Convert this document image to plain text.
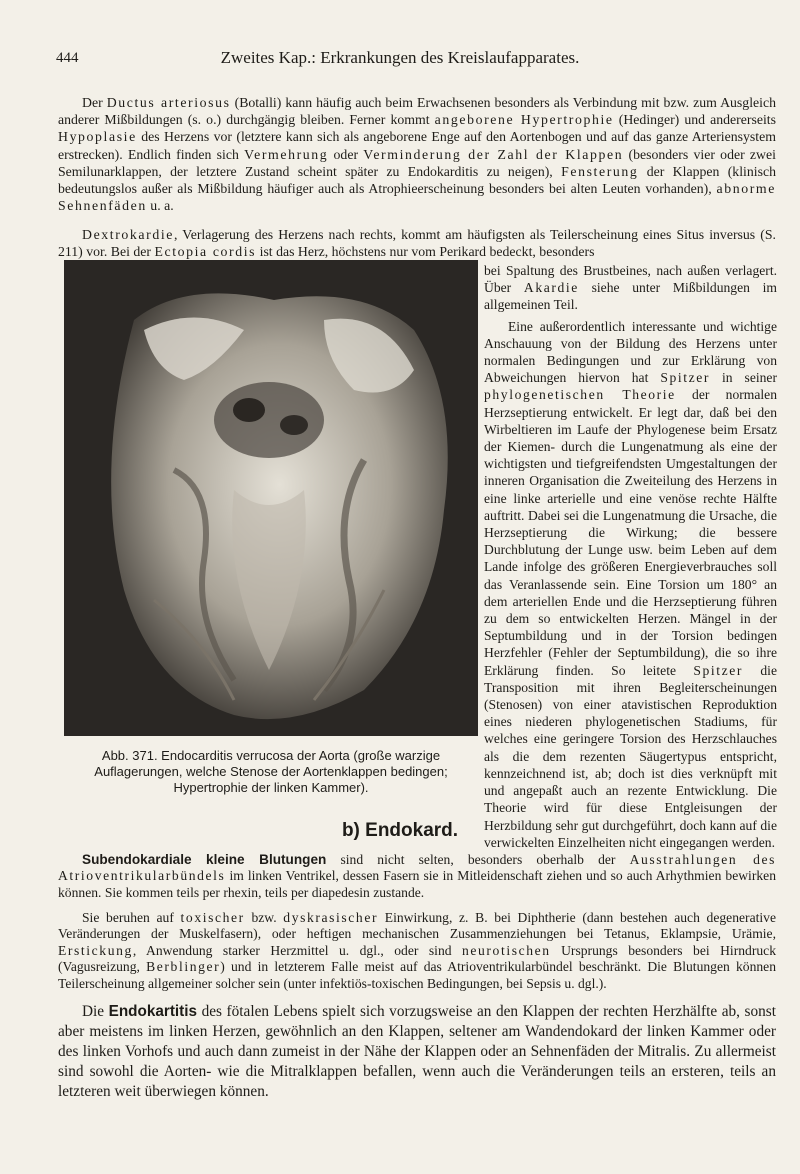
444	Zweites Kap.: Erkrankungen des Kreislaufapparates.
Der Ductus arteriosus (Botalli) kann häufig auch beim Erwachsenen besonders als Verbindung mit bzw. zum Ausgleich anderer Mißbildungen (s. o.) durchgängig bleiben. Ferner kommt angeborene Hypertrophie (Hedinger) und andererseits Hypoplasie des Herzens vor (letztere kann sich als angeborene Enge auf den Aortenbogen und auf das ganze Arteriensystem erstrecken). Endlich finden sich Vermehrung oder Verminderung der Zahl der Klappen (besonders vier oder zwei Semilunarklappen, der letztere Zustand scheint später zu Endokarditis zu neigen), Fensterung der Klappen (klinisch bedeutungslos außer als Mißbildung häufiger auch als Atrophieerscheinung besonders bei alten Leuten vorhanden), abnorme Sehnenfäden u. a.
Dextrokardie, Verlagerung des Herzens nach rechts, kommt am häufigsten als Teilerscheinung eines Situs inversus (S. 211) vor. Bei der Ectopia cordis ist das Herz, höchstens nur vom Perikard bedeckt, besonders
Abb. 371. Endocarditis verrucosa der Aorta (große warzige Auflagerungen, welche Stenose der Aortenklappen bedingen; Hypertrophie der linken Kammer).

bei Spaltung des Brustbeines, nach außen verlagert. Über Akardie siehe unter Mißbildungen im allgemeinen Teil.

Eine außerordentlich interessante und wichtige Anschauung von der Bildung des Herzens unter normalen Bedingungen und zur Erklärung von Abweichungen hiervon hat Spitzer in seiner phylogenetischen Theorie der normalen Herzseptierung entwickelt. Er legt dar, daß bei den Wirbeltieren im Laufe der Phylogenese beim Ersatz der Kiemen- durch die Lungenatmung als eine der wichtigsten und tiefgreifendsten Umgestaltungen der inneren Organisation die Zweiteilung des Herzens in eine linke arterielle und eine venöse rechte Hälfte auftritt. Dabei sei die Lungenatmung die Ursache, die Herzseptierung die Wirkung; die bessere Durchblutung der Lunge usw. beim Leben auf dem Lande infolge des größeren Energieverbrauches soll das Veranlassende sein. Eine Torsion um 180° an dem arteriellen Ende und die Herzseptierung führen zu dem so entwickelten Herzen. Mängel in der Septumbildung und in der Torsion bedingen Herzfehler (Fehler der Septumbildung), die so ihre Erklärung finden. So leitete Spitzer die Transposition mit ihren Begleiterscheinungen (Stenosen) von einer atavistischen Reproduktion eines niederen phylogenetischen Stadiums, für welches eine geringere Torsion des Herzschlauches als die dem rezenten Säugertypus entspricht, kennzeichnend ist, ab; doch ist dies verknüpft mit und angepaßt auch an rezente Entwicklung. Die Theorie wird für diese Entgleisungen der Herzbildung sehr gut durchgeführt, doch kann auf die verwickelten Einzelheiten nicht eingegangen werden.

b) Endokard.
Subendokardiale kleine Blutungen sind nicht selten, besonders oberhalb der Ausstrahlungen des Atrioventrikularbündels im linken Ventrikel, dessen Fasern sie in Mitleidenschaft ziehen und so auch Arhythmien bewirken können. Sie kommen teils per rhexin, teils per diapedesin zustande.
Sie beruhen auf toxischer bzw. dyskrasischer Einwirkung, z. B. bei Diphtherie (dann bestehen auch degenerative Veränderungen der Muskelfasern), oder heftigen mechanischen Zusammenziehungen bei Tetanus, Eklampsie, Urämie, Erstickung, Anwendung starker Herzmittel u. dgl., oder sind neurotischen Ursprungs besonders bei Hirndruck (Vagusreizung, Berblinger) und in letzterem Falle meist auf das Atrioventrikularbündel beschränkt. Die Blutungen können Teilerscheinung allgemeiner solcher sein (unter infektiös-toxischen Bedingungen, bei Sepsis u. dgl.).
Die Endokartitis des fötalen Lebens spielt sich vorzugsweise an den Klappen der rechten Herzhälfte ab, sonst aber meistens im linken Herzen, gewöhnlich an den Klappen, seltener am Wandendokard der linken Kammer oder des linken Vorhofs und auch dann zumeist in der Nähe der Klappen oder an Sehnenfäden der Mitralis. Zu allermeist sind sowohl die Aorten- wie die Mitralklappen befallen, wenn auch die Veränderungen teils an ersteren, teils an letzteren weit überwiegen können.
